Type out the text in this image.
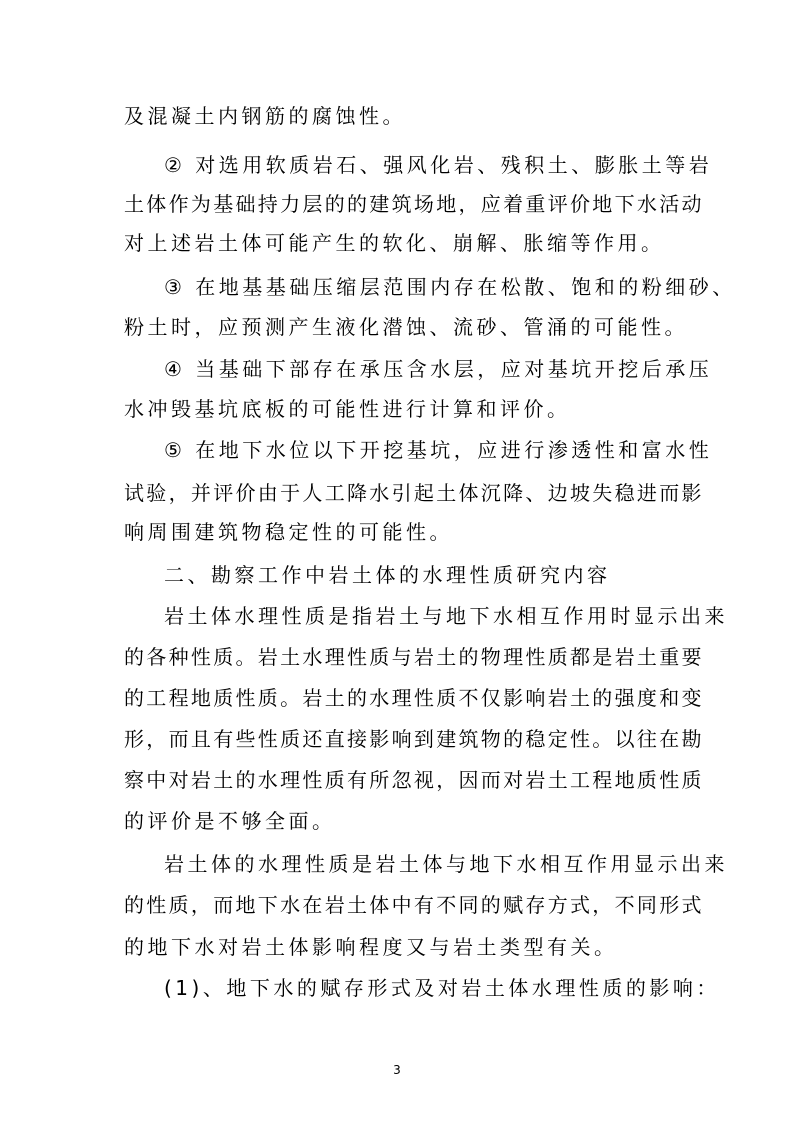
及混凝土内钢筋的腐蚀性。
② 对选用软质岩石、强风化岩、残积土、膨胀土等岩
土体作为基础持力层的的建筑场地，应着重评价地下水活动
对上述岩土体可能产生的软化、崩解、胀缩等作用。
③ 在地基基础压缩层范围内存在松散、饱和的粉细砂、
粉土时，应预测产生液化潜蚀、流砂、管涌的可能性。
④ 当基础下部存在承压含水层，应对基坑开挖后承压
水冲毁基坑底板的可能性进行计算和评价。
⑤ 在地下水位以下开挖基坑，应进行渗透性和富水性
试验，并评价由于人工降水引起土体沉降、边坡失稳进而影
响周围建筑物稳定性的可能性。
二、勘察工作中岩土体的水理性质研究内容
岩土体水理性质是指岩土与地下水相互作用时显示出来
的各种性质。岩土水理性质与岩土的物理性质都是岩土重要
的工程地质性质。岩土的水理性质不仅影响岩土的强度和变
形，而且有些性质还直接影响到建筑物的稳定性。以往在勘
察中对岩土的水理性质有所忽视，因而对岩土工程地质性质
的评价是不够全面。
岩土体的水理性质是岩土体与地下水相互作用显示出来
的性质，而地下水在岩土体中有不同的赋存方式，不同形式
的地下水对岩土体影响程度又与岩土类型有关。
(1)、地下水的赋存形式及对岩土体水理性质的影响：
3
